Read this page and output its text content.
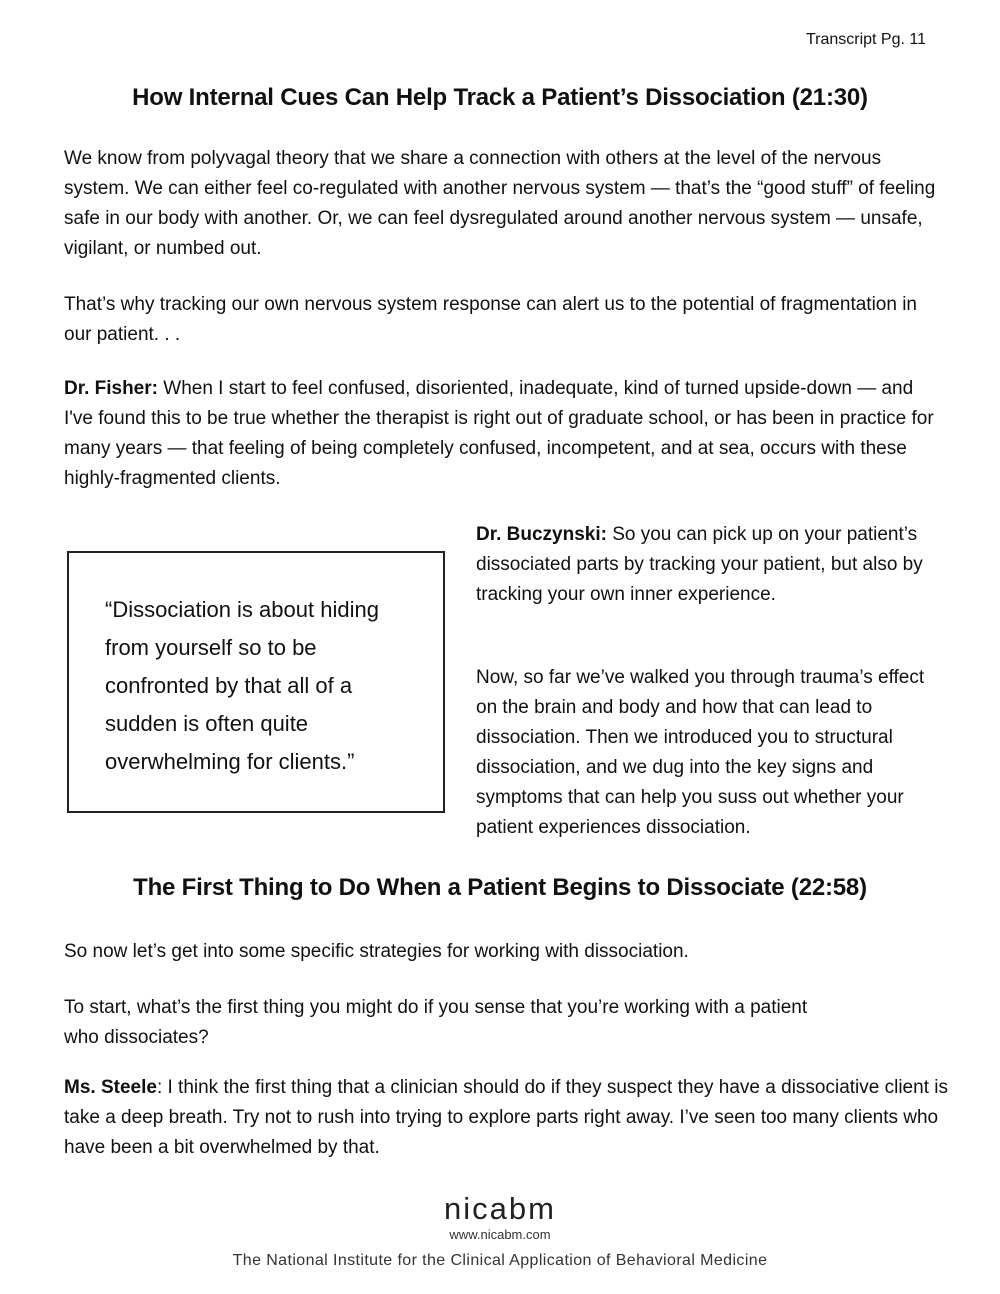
Transcript Pg. 11
How Internal Cues Can Help Track a Patient’s Dissociation (21:30)

We know from polyvagal theory that we share a connection with others at the level of the nervous system. We can either feel co-regulated with another nervous system — that’s the “good stuff” of feeling safe in our body with another. Or, we can feel dysregulated around another nervous system — unsafe, vigilant, or numbed out.

That’s why tracking our own nervous system response can alert us to the potential of fragmentation in our patient. . .

Dr. Fisher: When I start to feel confused, disoriented, inadequate, kind of turned upside-down — and I've found this to be true whether the therapist is right out of graduate school, or has been in practice for many years — that feeling of being completely confused, incompetent, and at sea, occurs with these highly-fragmented clients.

“Dissociation is about hiding from yourself so to be confronted by that all of a sudden is often quite overwhelming for clients.”

Dr. Buczynski: So you can pick up on your patient’s dissociated parts by tracking your patient, but also by tracking your own inner experience.

Now, so far we’ve walked you through trauma’s effect on the brain and body and how that can lead to dissociation. Then we introduced you to structural dissociation, and we dug into the key signs and symptoms that can help you suss out whether your patient experiences dissociation.

The First Thing to Do When a Patient Begins to Dissociate (22:58)

So now let’s get into some specific strategies for working with dissociation.

To start, what’s the first thing you might do if you sense that you’re working with a patient who dissociates?

Ms. Steele: I think the first thing that a clinician should do if they suspect they have a dissociative client is take a deep breath. Try not to rush into trying to explore parts right away. I’ve seen too many clients who have been a bit overwhelmed by that.

nicabm
www.nicabm.com
The National Institute for the Clinical Application of Behavioral Medicine
